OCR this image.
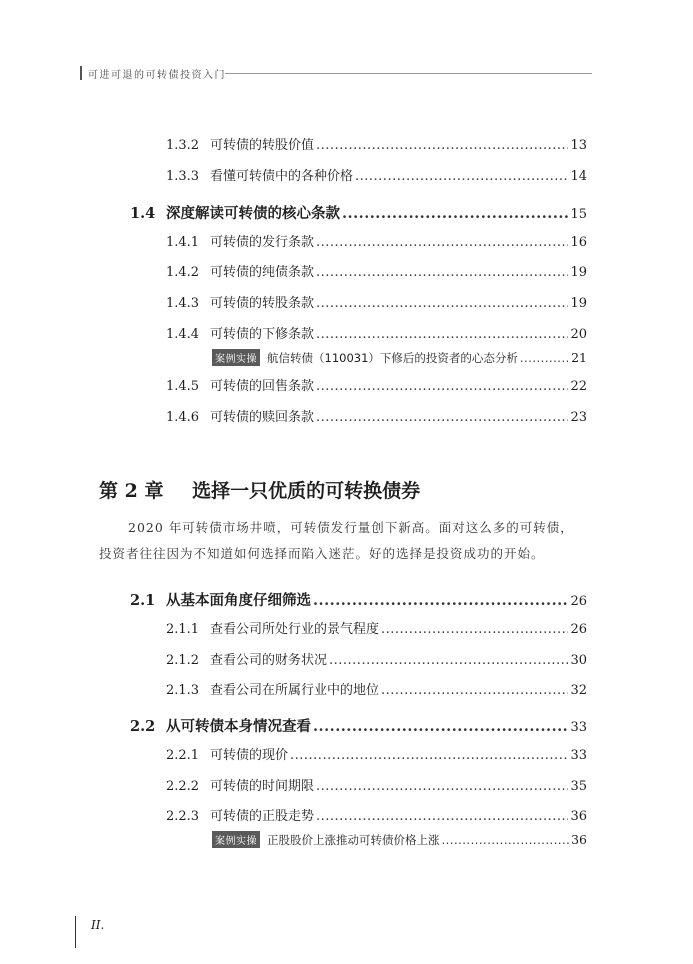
可进可退的可转债投资入门
1.3.2 可转债的转股价值 .....	13
1.3.3 看懂可转债中的各种价格 .....	14
1.4 深度解读可转债的核心条款 .....	15
1.4.1 可转债的发行条款 .....	16
1.4.2 可转债的纯债条款 .....	19
1.4.3 可转债的转股条款 .....	19
1.4.4 可转债的下修条款 .....	20
案例实操 航信转债（110031）下修后的投资者的心态分析 .....	21
1.4.5 可转债的回售条款 .....	22
1.4.6 可转债的赎回条款 .....	23
第 2 章 选择一只优质的可转换债券
2020 年可转债市场井喷，可转债发行量创下新高。面对这么多的可转债，
投资者往往因为不知道如何选择而陷入迷茫。好的选择是投资成功的开始。
2.1 从基本面角度仔细筛选 .....	26
2.1.1 查看公司所处行业的景气程度 .....	26
2.1.2 查看公司的财务状况 .....	30
2.1.3 查看公司在所属行业中的地位 .....	32
2.2 从可转债本身情况查看 .....	33
2.2.1 可转债的现价 .....	33
2.2.2 可转债的时间期限 .....	35
2.2.3 可转债的正股走势 .....	36
案例实操 正股股价上涨推动可转债价格上涨 .....	36
II.
